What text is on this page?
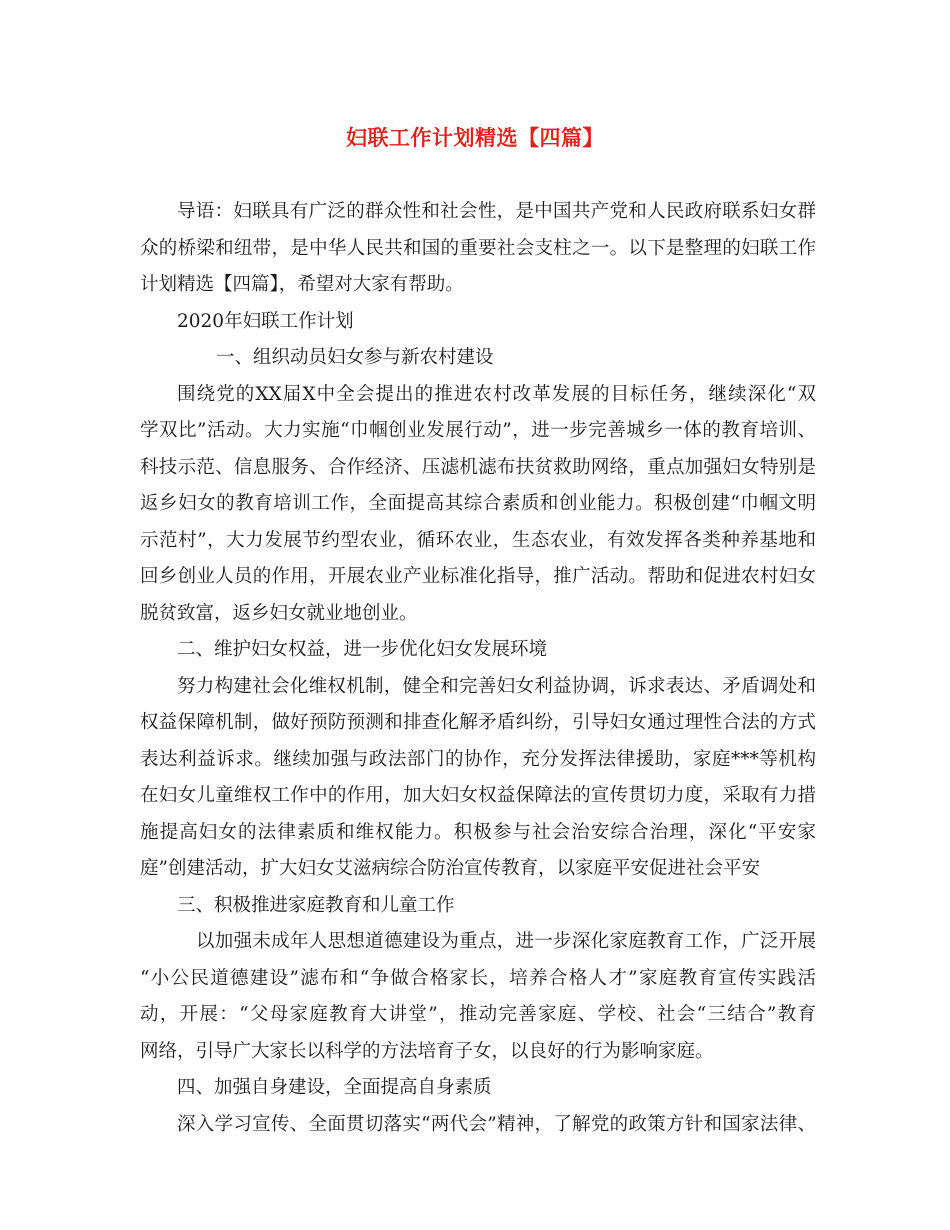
妇联工作计划精选【四篇】
导语：妇联具有广泛的群众性和社会性，是中国共产党和人民政府联系妇女群
众的桥梁和纽带，是中华人民共和国的重要社会支柱之一。以下是整理的妇联工作
计划精选【四篇】，希望对大家有帮助。
2020年妇联工作计划
一、组织动员妇女参与新农村建设
围绕党的XX届X中全会提出的推进农村改革发展的目标任务，继续深化“双
学双比”活动。大力实施“巾帼创业发展行动”，进一步完善城乡一体的教育培训、
科技示范、信息服务、合作经济、压滤机滤布扶贫救助网络，重点加强妇女特别是
返乡妇女的教育培训工作，全面提高其综合素质和创业能力。积极创建“巾帼文明
示范村”，大力发展节约型农业，循环农业，生态农业，有效发挥各类种养基地和
回乡创业人员的作用，开展农业产业标准化指导，推广活动。帮助和促进农村妇女
脱贫致富，返乡妇女就业地创业。
二、维护妇女权益，进一步优化妇女发展环境
努力构建社会化维权机制，健全和完善妇女利益协调，诉求表达、矛盾调处和
权益保障机制，做好预防预测和排查化解矛盾纠纷，引导妇女通过理性合法的方式
表达利益诉求。继续加强与政法部门的协作，充分发挥法律援助，家庭***等机构
在妇女儿童维权工作中的作用，加大妇女权益保障法的宣传贯切力度，采取有力措
施提高妇女的法律素质和维权能力。积极参与社会治安综合治理，深化“平安家
庭”创建活动，扩大妇女艾滋病综合防治宣传教育，以家庭平安促进社会平安
三、积极推进家庭教育和儿童工作
以加强未成年人思想道德建设为重点，进一步深化家庭教育工作，广泛开展
“小公民道德建设”滤布和“争做合格家长，培养合格人才”家庭教育宣传实践活
动，开展：“父母家庭教育大讲堂”，推动完善家庭、学校、社会“三结合”教育
网络，引导广大家长以科学的方法培育子女，以良好的行为影响家庭。
四、加强自身建设，全面提高自身素质
深入学习宣传、全面贯切落实“两代会”精神，了解党的政策方针和国家法律、
